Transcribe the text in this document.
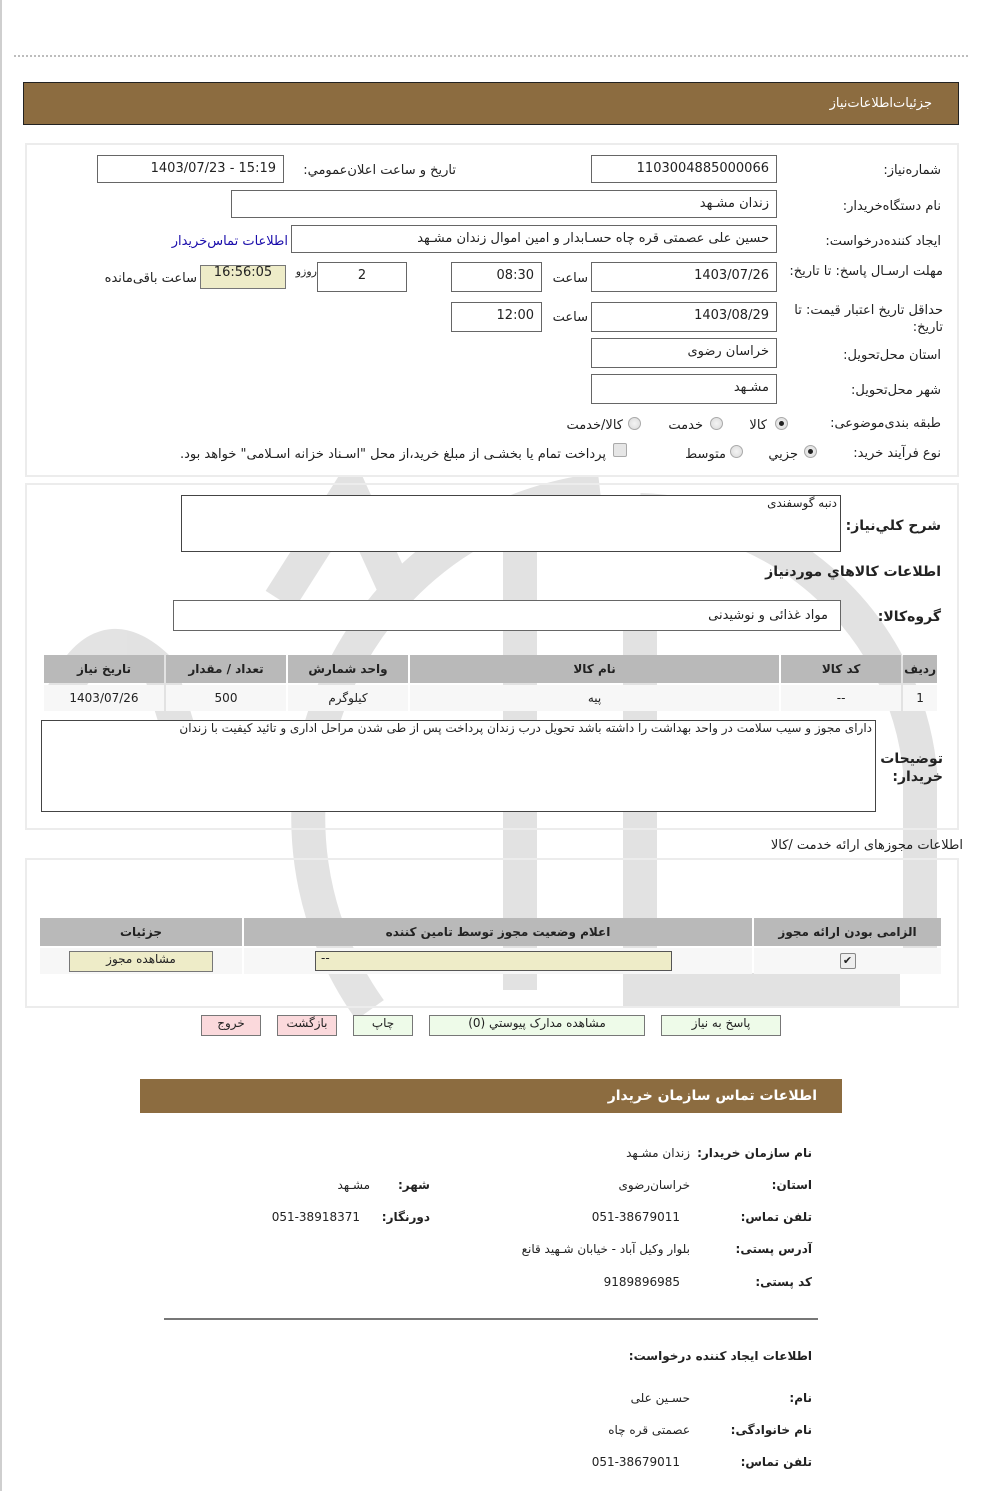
جزئیات‌اطلاعات‌نیاز
شماره‌نیاز:
1103004885000066
تاریخ و ساعت اعلان‌عمومي:
1403/07/23 - 15:19
نام دستگاه‌خریدار:
زندان مشـهد
ایجاد کننده‌درخواست:
حسین علی عصمتی قره چاه حسـابدار و امین اموال زندان مشـهد
اطلاعات تماس‌خریدار
مهلت ارسـال پاسخ: تا تاریخ:
1403/07/26
ساعت
08:30
2
روزو
16:56:05
ساعت باقی‌مانده
حداقل تاریخ اعتبار قیمت: تا تاریخ:
1403/08/29
ساعت
12:00
استان محل‌تحویل:
خراسان رضوی
شهر محل‌تحویل:
مشـهد
طبقه بندی‌موضوعی:
کالا
خدمت
کالا/خدمت
نوع فرآیند خرید:
جزيي
متوسط
پرداخت تمام یا بخشـی از مبلغ خرید،از محل "اسـناد خزانه اسـلامی" خواهد بود.
شرح کلي‌نیاز:
دنبه گوسفندی
اطلاعات کالاهاي موردنیاز
گروه‌کالا:
مواد غذائی و نوشیدنی
ردیف	کد کالا	نام کالا	واحد شمارش	تعداد / مقدار	تاریخ نیاز
1	--	پیه	کیلوگرم	500	1403/07/26
توضیحات خریدار:
دارای مجوز و سیب سلامت در واحد بهداشت را داشته باشد تحویل درب زندان پرداخت پس از طی شدن مراحل اداری و تائید کیفیت با زندان
اطلاعات مجوزهای ارائه خدمت /کالا
الزامی بودن ارائه مجوز	اعلام وضعیت مجوز توسط تامین کننده	جزئیات
✔	--	مشاهده مجوز
پاسخ به نیاز
مشاهده مدارک پیوستي (0)
چاپ
بازگشت
خروج
اطلاعات تماس سازمان خریدار
نام سازمان خریدار:
زندان مشـهد
استان:
خراسان‌رضوی
شهر:
مشـهد
تلفن تماس:
051-38679011
دورنگار:
051-38918371
آدرس پستی:
بلوار وکیل آباد - خیابان شـهید قانع
کد پستی:
9189896985
اطلاعات ایجاد کننده درخواست:
نام:
حسـین علی
نام خانوادگی:
عصمتی قره چاه
تلفن تماس:
051-38679011
